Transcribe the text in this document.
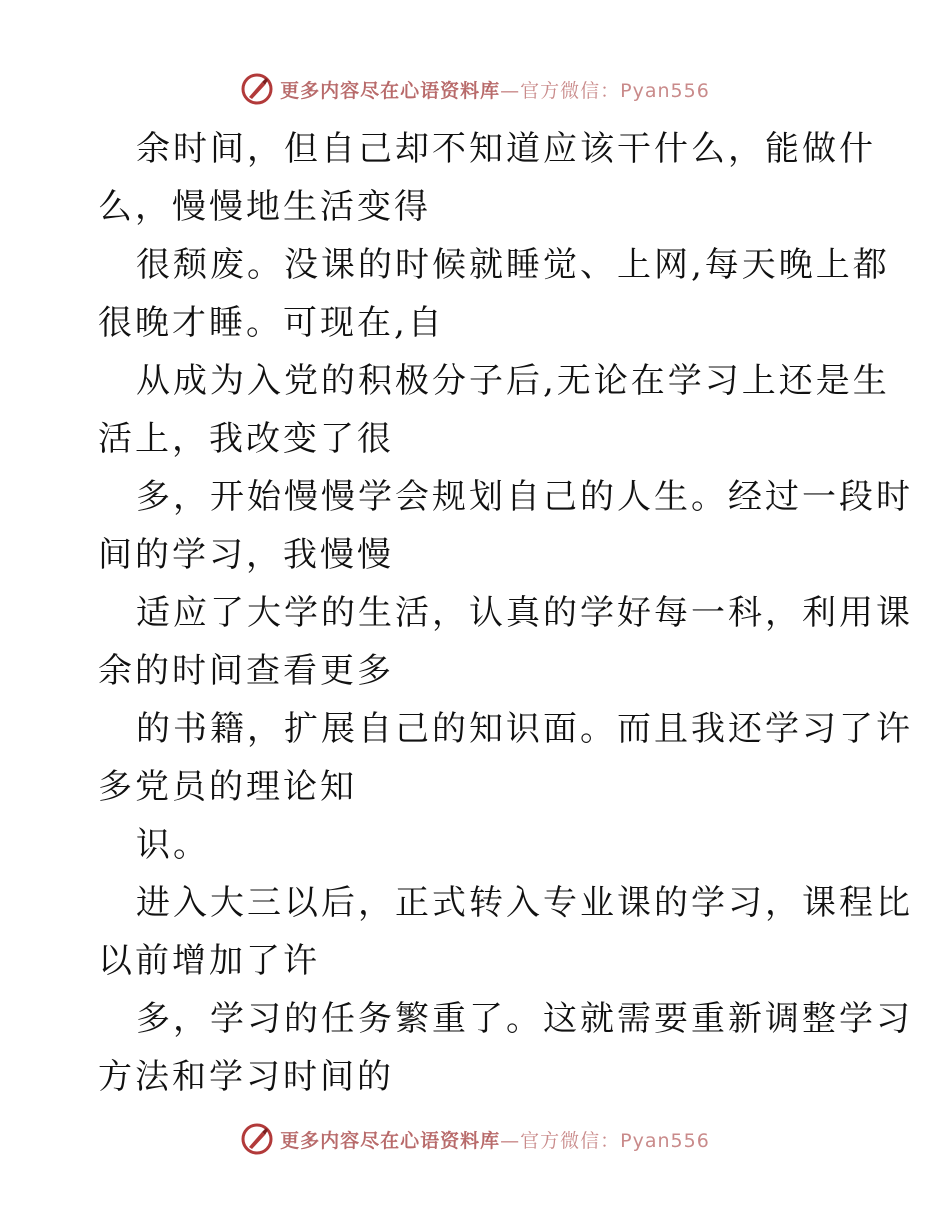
更多内容尽在心语资料库—官方微信：Pyan556
余时间，但自己却不知道应该干什么，能做什
么，慢慢地生活变得
很颓废。没课的时候就睡觉、上网,每天晚上都
很晚才睡。可现在,自
从成为入党的积极分子后,无论在学习上还是生
活上，我改变了很
多，开始慢慢学会规划自己的人生。经过一段时
间的学习，我慢慢
适应了大学的生活，认真的学好每一科，利用课
余的时间查看更多
的书籍，扩展自己的知识面。而且我还学习了许
多党员的理论知
识。
进入大三以后，正式转入专业课的学习，课程比
以前增加了许
多，学习的任务繁重了。这就需要重新调整学习
方法和学习时间的
更多内容尽在心语资料库—官方微信：Pyan556
